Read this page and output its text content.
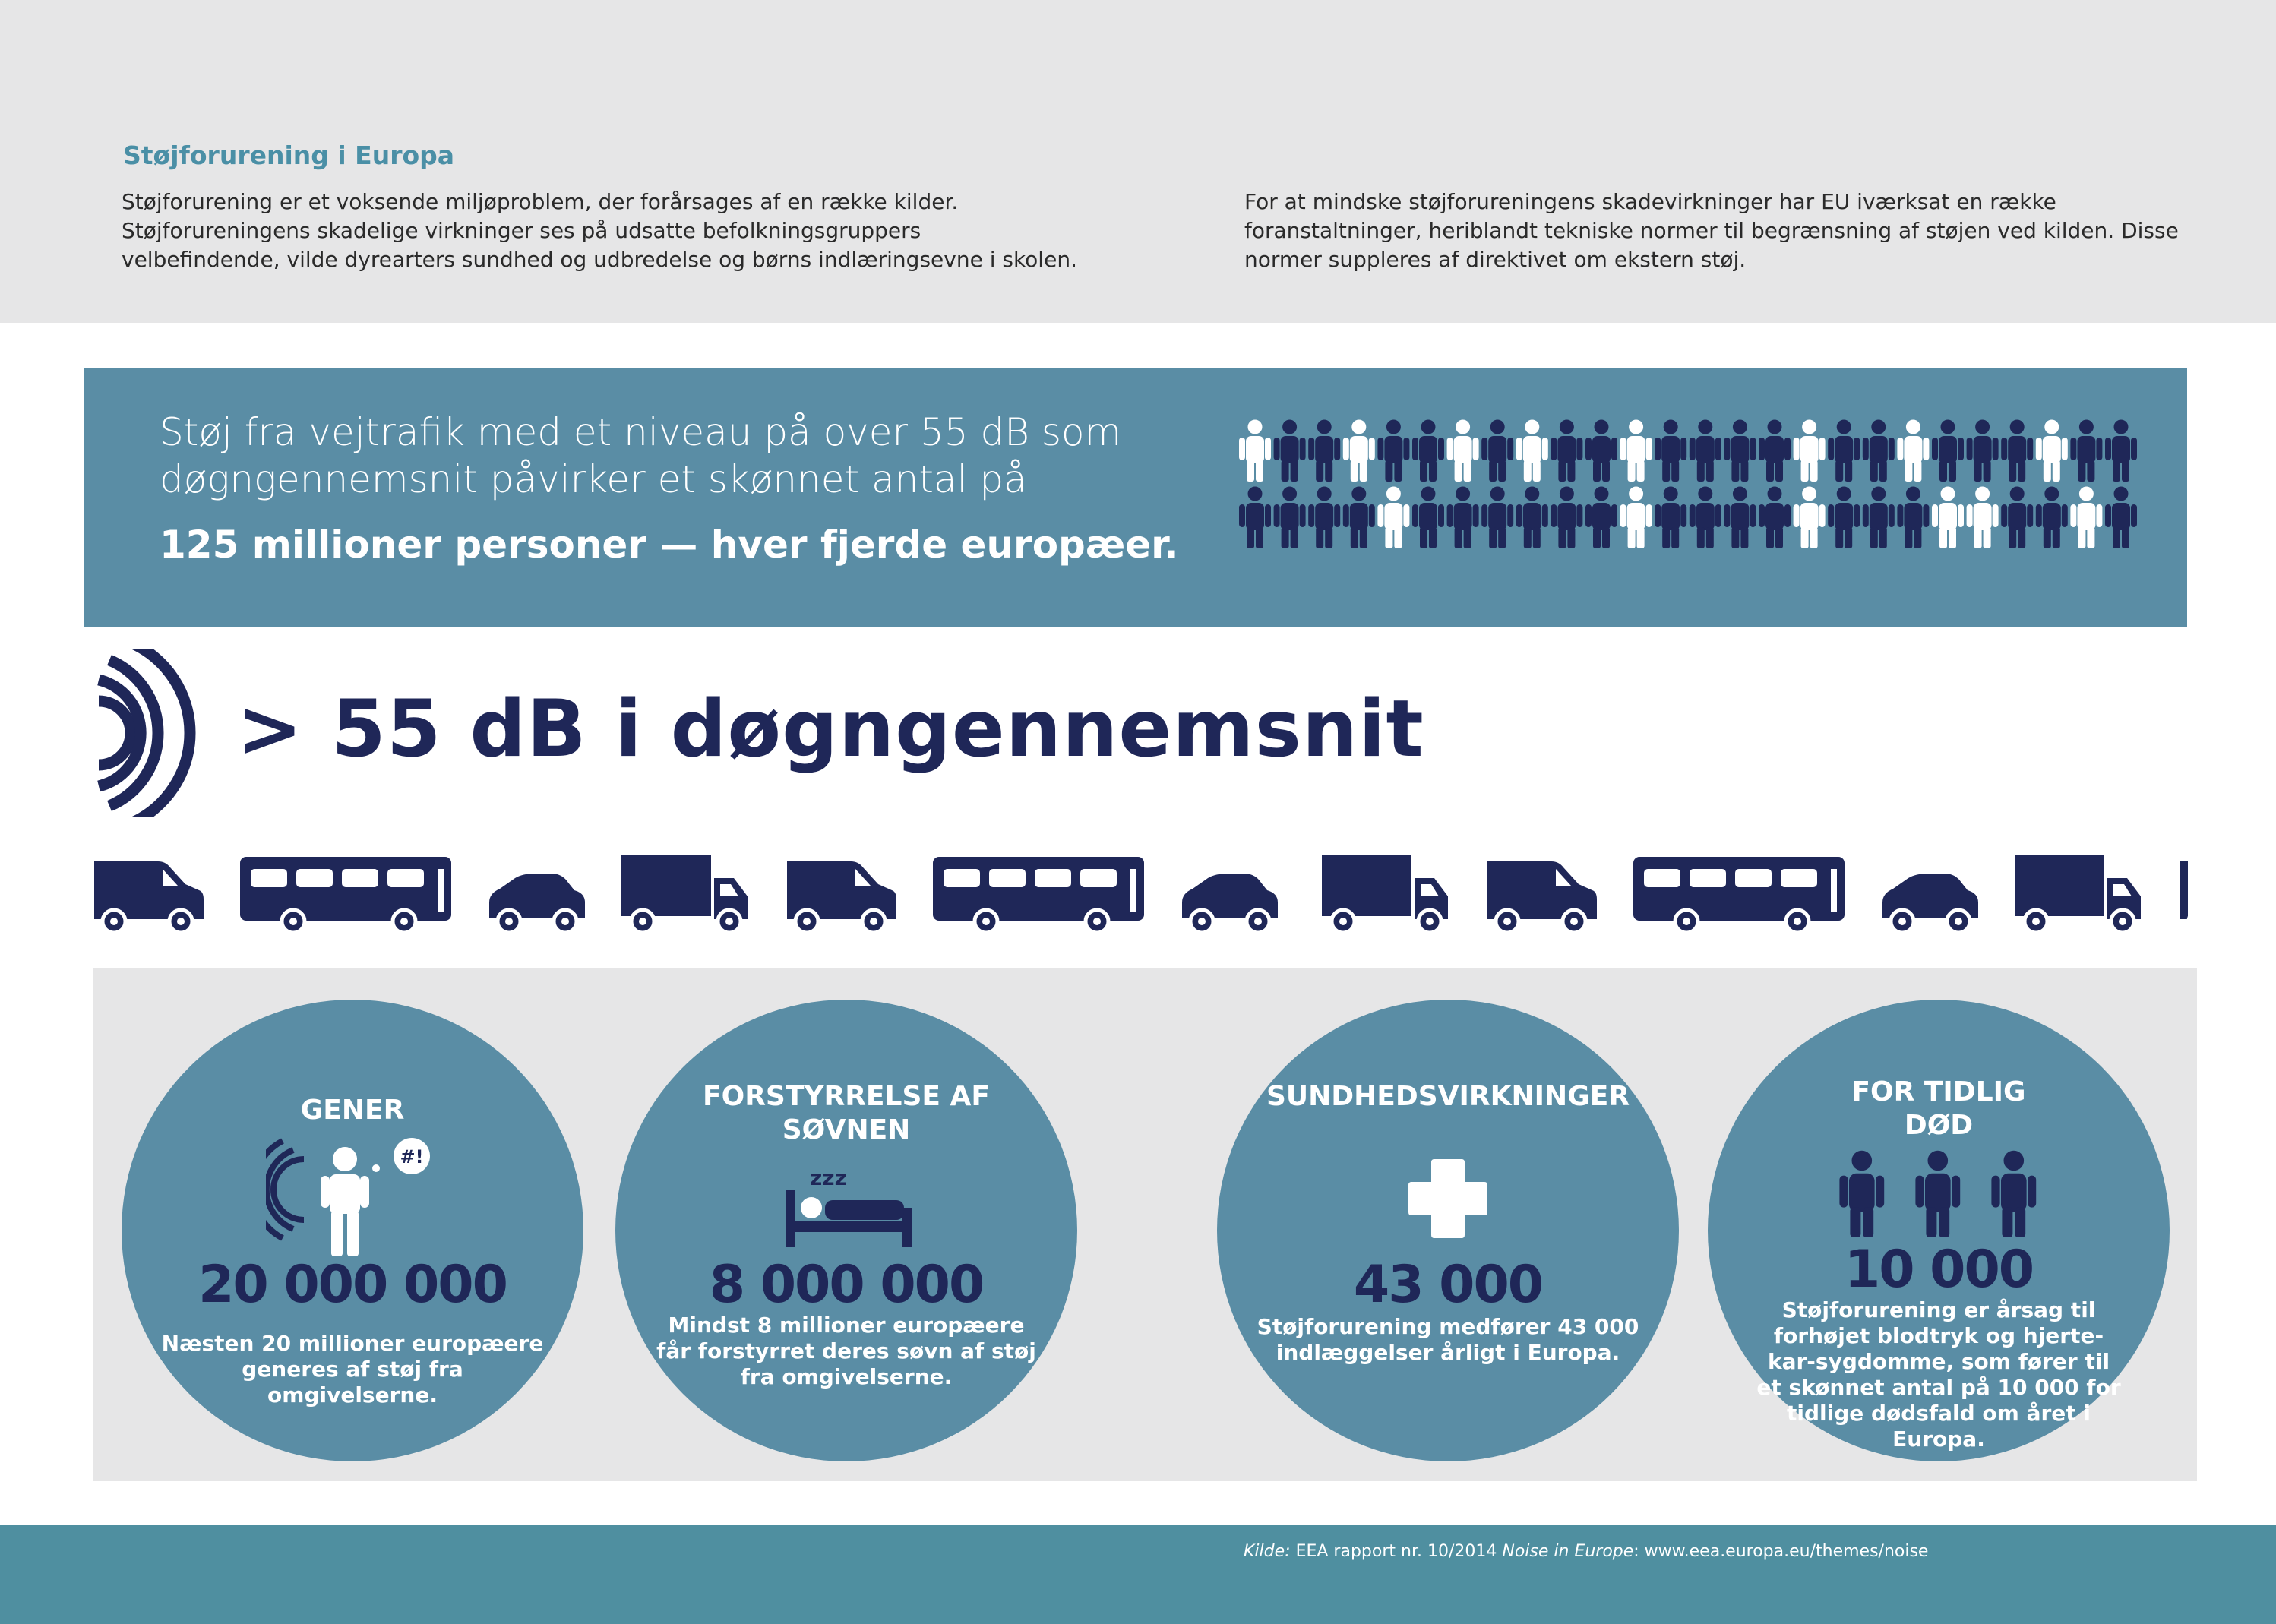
Støjforurening i Europa
Støjforurening er et voksende miljøproblem, der forårsages af en række kilder. Støjforureningens skadelige virkninger ses på udsatte befolkningsgruppers velbefindende, vilde dyrearters sundhed og udbredelse og børns indlæringsevne i skolen.
For at mindske støjforureningens skadevirkninger har EU iværksat en række foranstaltninger, heriblandt tekniske normer til begrænsning af støjen ved kilden. Disse normer suppleres af direktivet om ekstern støj.
Støj fra vejtrafik med et niveau på over 55 dB som døgngennemsnit påvirker et skønnet antal på
125 millioner personer — hver fjerde europæer.
> 55 dB i døgngennemsnit
GENER
#!
20 000 000
Næsten 20 millioner europæere generes af støj fra omgivelserne.
FORSTYRRELSE AF SØVNEN
zzz
8 000 000
Mindst 8 millioner europæere får forstyrret deres søvn af støj fra omgivelserne.
SUNDHEDSVIRKNINGER
43 000
Støjforurening medfører 43 000 indlæggelser årligt i Europa.
FOR TIDLIG DØD
10 000
Støjforurening er årsag til forhøjet blodtryk og hjerte-kar-sygdomme, som fører til et skønnet antal på 10 000 for tidlige dødsfald om året i Europa.
Kilde: EEA rapport nr. 10/2014 Noise in Europe: www.eea.europa.eu/themes/noise
